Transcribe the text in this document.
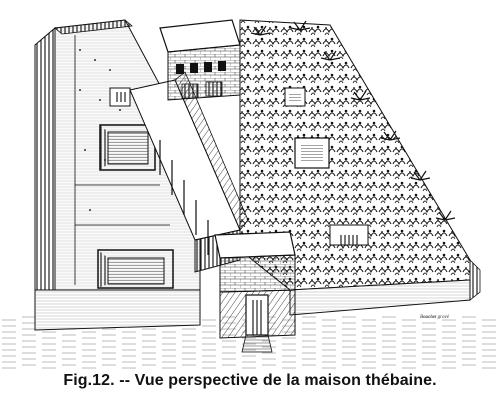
Bouchet gravé
Fig.12. -- Vue perspective de la maison thébaine.
